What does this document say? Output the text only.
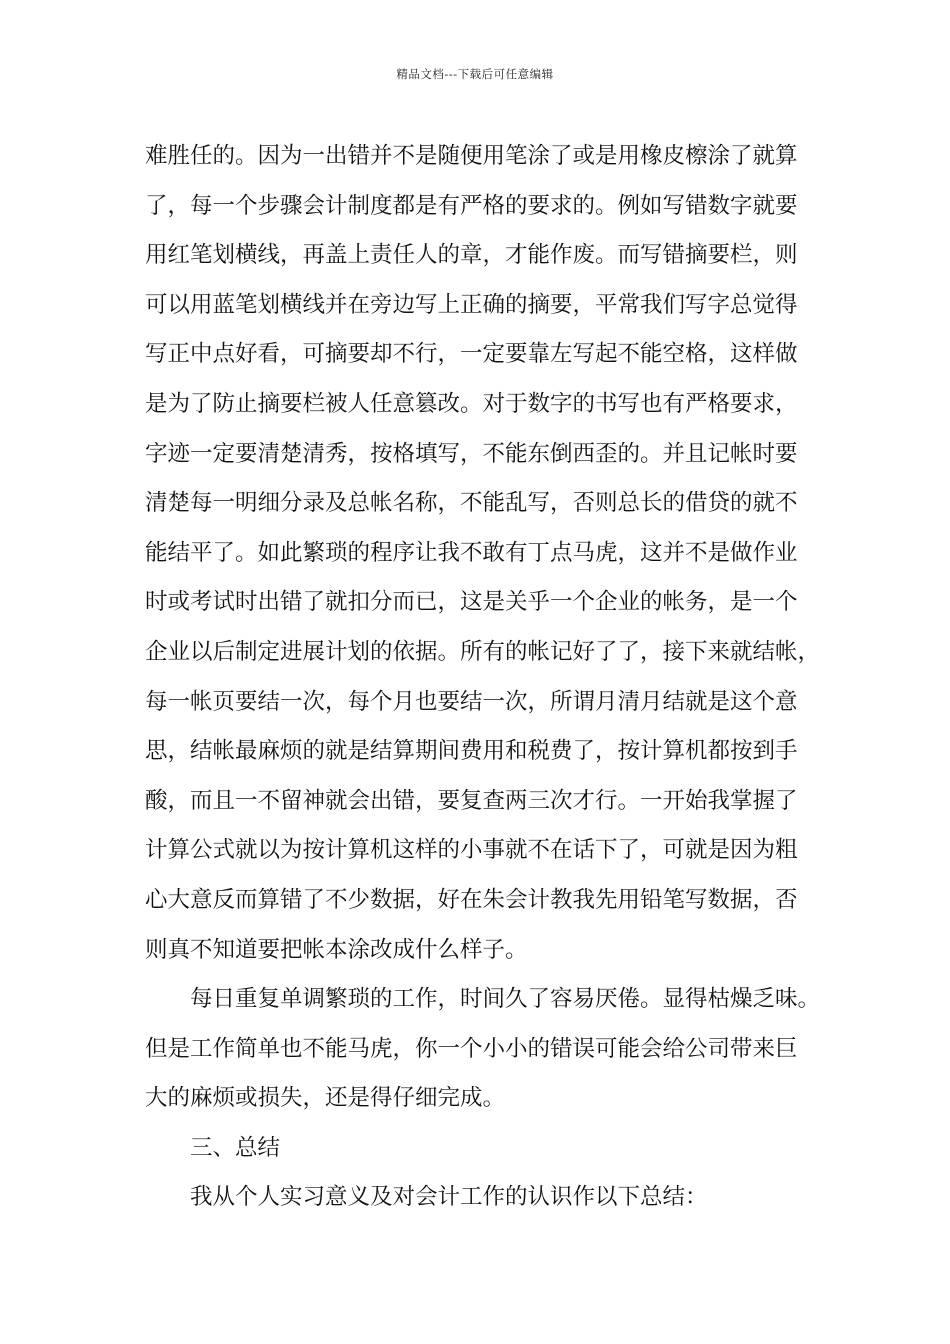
精品文档---下载后可任意编辑
难胜任的。因为一出错并不是随便用笔涂了或是用橡皮檫涂了就算
了，每一个步骤会计制度都是有严格的要求的。例如写错数字就要
用红笔划横线，再盖上责任人的章，才能作废。而写错摘要栏，则
可以用蓝笔划横线并在旁边写上正确的摘要，平常我们写字总觉得
写正中点好看，可摘要却不行，一定要靠左写起不能空格，这样做
是为了防止摘要栏被人任意篡改。对于数字的书写也有严格要求，
字迹一定要清楚清秀，按格填写，不能东倒西歪的。并且记帐时要
清楚每一明细分录及总帐名称，不能乱写，否则总长的借贷的就不
能结平了。如此繁琐的程序让我不敢有丁点马虎，这并不是做作业
时或考试时出错了就扣分而已，这是关乎一个企业的帐务，是一个
企业以后制定进展计划的依据。所有的帐记好了了，接下来就结帐，
每一帐页要结一次，每个月也要结一次，所谓月清月结就是这个意
思，结帐最麻烦的就是结算期间费用和税费了，按计算机都按到手
酸，而且一不留神就会出错，要复查两三次才行。一开始我掌握了
计算公式就以为按计算机这样的小事就不在话下了，可就是因为粗
心大意反而算错了不少数据，好在朱会计教我先用铅笔写数据，否
则真不知道要把帐本涂改成什么样子。
每日重复单调繁琐的工作，时间久了容易厌倦。显得枯燥乏味。
但是工作简单也不能马虎，你一个小小的错误可能会给公司带来巨
大的麻烦或损失，还是得仔细完成。
三、总结
我从个人实习意义及对会计工作的认识作以下总结：
